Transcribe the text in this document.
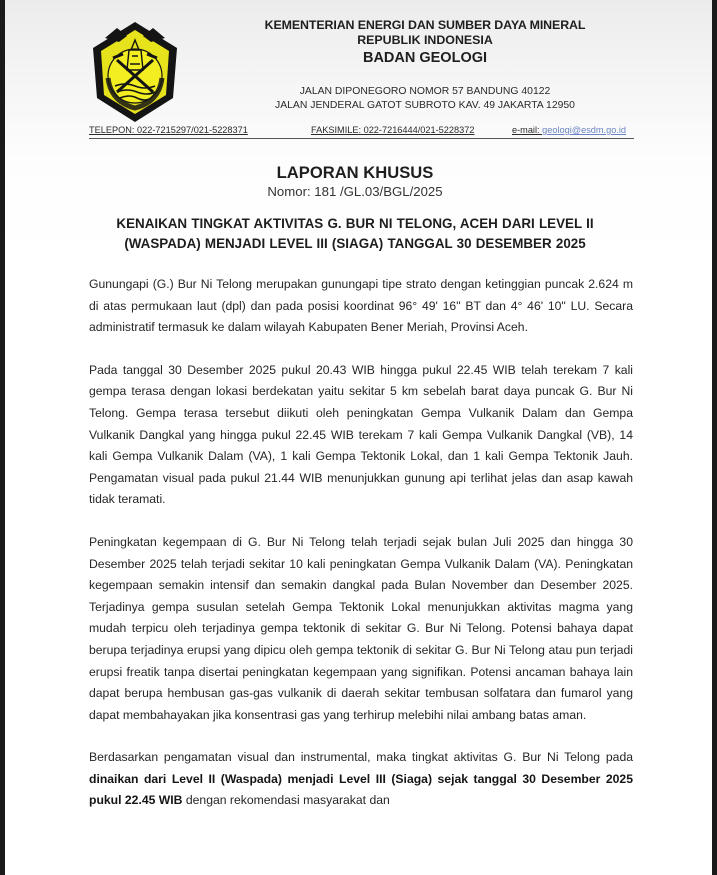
KEMENTERIAN ENERGI DAN SUMBER DAYA MINERAL
REPUBLIK INDONESIA
BADAN GEOLOGI
JALAN DIPONEGORO NOMOR 57 BANDUNG 40122
JALAN JENDERAL GATOT SUBROTO KAV. 49 JAKARTA 12950
TELEPON: 022-7215297/021-5228371	FAKSIMILE: 022-7216444/021-5228372	e-mail: geologi@esdm.go.id
LAPORAN KHUSUS
Nomor: 181 /GL.03/BGL/2025
KENAIKAN TINGKAT AKTIVITAS G. BUR NI TELONG, ACEH DARI LEVEL II
(WASPADA) MENJADI LEVEL III (SIAGA) TANGGAL 30 DESEMBER 2025

Gunungapi (G.) Bur Ni Telong merupakan gunungapi tipe strato dengan ketinggian puncak 2.624 m di atas permukaan laut (dpl) dan pada posisi koordinat 96° 49' 16" BT dan 4° 46' 10" LU. Secara administratif termasuk ke dalam wilayah Kabupaten Bener Meriah, Provinsi Aceh.

Pada tanggal 30 Desember 2025 pukul 20.43 WIB hingga pukul 22.45 WIB telah terekam 7 kali gempa terasa dengan lokasi berdekatan yaitu sekitar 5 km sebelah barat daya puncak G. Bur Ni Telong. Gempa terasa tersebut diikuti oleh peningkatan Gempa Vulkanik Dalam dan Gempa Vulkanik Dangkal yang hingga pukul 22.45 WIB terekam 7 kali Gempa Vulkanik Dangkal (VB), 14 kali Gempa Vulkanik Dalam (VA), 1 kali Gempa Tektonik Lokal, dan 1 kali Gempa Tektonik Jauh. Pengamatan visual pada pukul 21.44 WIB menunjukkan gunung api terlihat jelas dan asap kawah tidak teramati.

Peningkatan kegempaan di G. Bur Ni Telong telah terjadi sejak bulan Juli 2025 dan hingga 30 Desember 2025 telah terjadi sekitar 10 kali peningkatan Gempa Vulkanik Dalam (VA). Peningkatan kegempaan semakin intensif dan semakin dangkal pada Bulan November dan Desember 2025. Terjadinya gempa susulan setelah Gempa Tektonik Lokal menunjukkan aktivitas magma yang mudah terpicu oleh terjadinya gempa tektonik di sekitar G. Bur Ni Telong. Potensi bahaya dapat berupa terjadinya erupsi yang dipicu oleh gempa tektonik di sekitar G. Bur Ni Telong atau pun terjadi erupsi freatik tanpa disertai peningkatan kegempaan yang signifikan. Potensi ancaman bahaya lain dapat berupa hembusan gas-gas vulkanik di daerah sekitar tembusan solfatara dan fumarol yang dapat membahayakan jika konsentrasi gas yang terhirup melebihi nilai ambang batas aman.

Berdasarkan pengamatan visual dan instrumental, maka tingkat aktivitas G. Bur Ni Telong pada dinaikan dari Level II (Waspada) menjadi Level III (Siaga) sejak tanggal 30 Desember 2025 pukul 22.45 WIB dengan rekomendasi masyarakat dan
